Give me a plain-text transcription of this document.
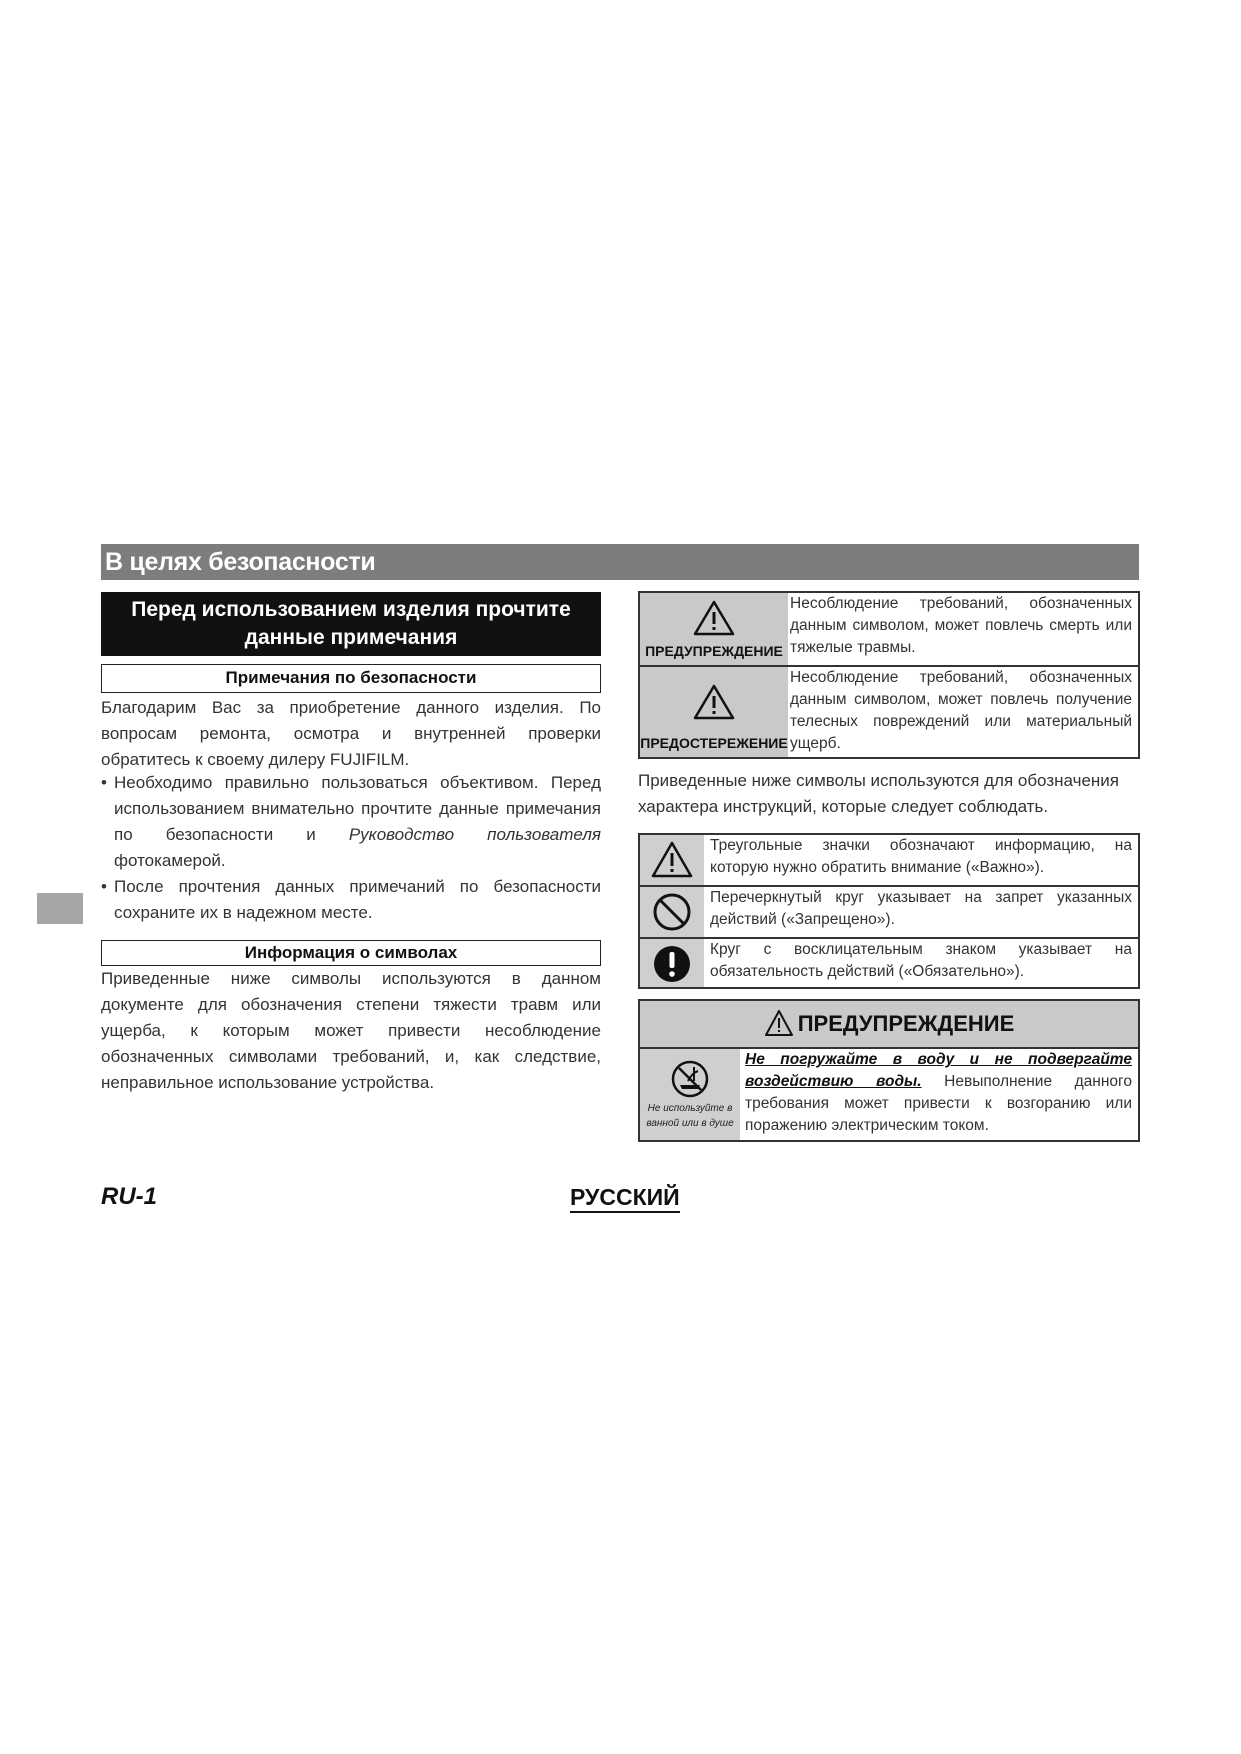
В целях безопасности
Перед использованием изделия прочтите данные примечания
Примечания по безопасности
Благодарим Вас за приобретение данного изделия. По вопросам ремонта, осмотра и внутренней проверки обратитесь к своему дилеру FUJIFILM.

• Необходимо правильно пользоваться объективом. Перед использованием внимательно прочтите данные примечания по безопасности и Руководство пользователя фотокамерой.

• После прочтения данных примечаний по безопасности сохраните их в надежном месте.

Информация о символах
Приведенные ниже символы используются в данном документе для обозначения степени тяжести травм или ущерба, к которым может привести несоблюдение обозначенных символами требований, и, как следствие, неправильное использование устройства.
ПРЕДУПРЕЖДЕНИЕ
Несоблюдение требований, обозначенных данным символом, может повлечь смерть или тяжелые травмы.
ПРЕДОСТЕРЕЖЕНИЕ
Несоблюдение требований, обозначенных данным символом, может повлечь получение телесных повреждений или материальный ущерб.
Приведенные ниже символы используются для обозначения характера инструкций, которые следует соблюдать.
Треугольные значки обозначают информацию, на которую нужно обратить внимание («Важно»).
Перечеркнутый круг указывает на запрет указанных действий («Запрещено»).
Круг с восклицательным знаком указывает на обязательность действий («Обязательно»).
ПРЕДУПРЕЖДЕНИЕ
Не используйте в ванной или в душе
Не погружайте в воду и не подвергайте воздействию воды. Невыполнение данного требования может привести к возгоранию или поражению электрическим током.
RU-1	РУССКИЙ
